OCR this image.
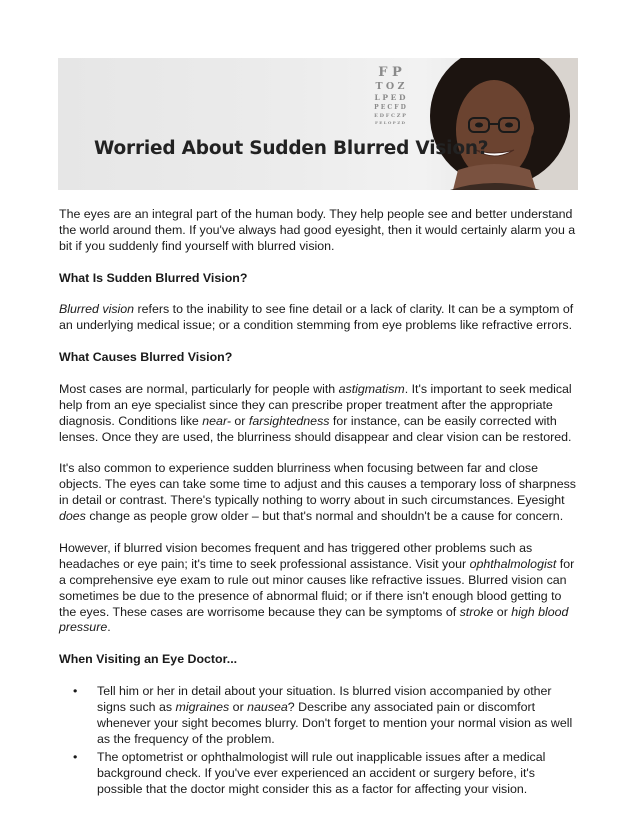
F P
T O Z
L P E D
P E C F D
E D F C Z P
F E L O P Z D
Worried About Sudden Blurred Vision?

The eyes are an integral part of the human body. They help people see and better understand the world around them. If you've always had good eyesight, then it would certainly alarm you a bit if you suddenly find yourself with blurred vision.

What Is Sudden Blurred Vision?

Blurred vision refers to the inability to see fine detail or a lack of clarity. It can be a symptom of an underlying medical issue; or a condition stemming from eye problems like refractive errors.

What Causes Blurred Vision?

Most cases are normal, particularly for people with astigmatism. It's important to seek medical help from an eye specialist since they can prescribe proper treatment after the appropriate diagnosis. Conditions like near- or farsightedness for instance, can be easily corrected with lenses. Once they are used, the blurriness should disappear and clear vision can be restored.

It's also common to experience sudden blurriness when focusing between far and close objects. The eyes can take some time to adjust and this causes a temporary loss of sharpness in detail or contrast. There's typically nothing to worry about in such circumstances. Eyesight does change as people grow older – but that's normal and shouldn't be a cause for concern.

However, if blurred vision becomes frequent and has triggered other problems such as headaches or eye pain; it's time to seek professional assistance. Visit your ophthalmologist for a comprehensive eye exam to rule out minor causes like refractive issues. Blurred vision can sometimes be due to the presence of abnormal fluid; or if there isn't enough blood getting to the eyes. These cases are worrisome because they can be symptoms of stroke or high blood pressure.

When Visiting an Eye Doctor...
• Tell him or her in detail about your situation. Is blurred vision accompanied by other signs such as migraines or nausea? Describe any associated pain or discomfort whenever your sight becomes blurry. Don't forget to mention your normal vision as well as the frequency of the problem.
• The optometrist or ophthalmologist will rule out inapplicable issues after a medical background check. If you've ever experienced an accident or surgery before, it's possible that the doctor might consider this as a factor for affecting your vision.
